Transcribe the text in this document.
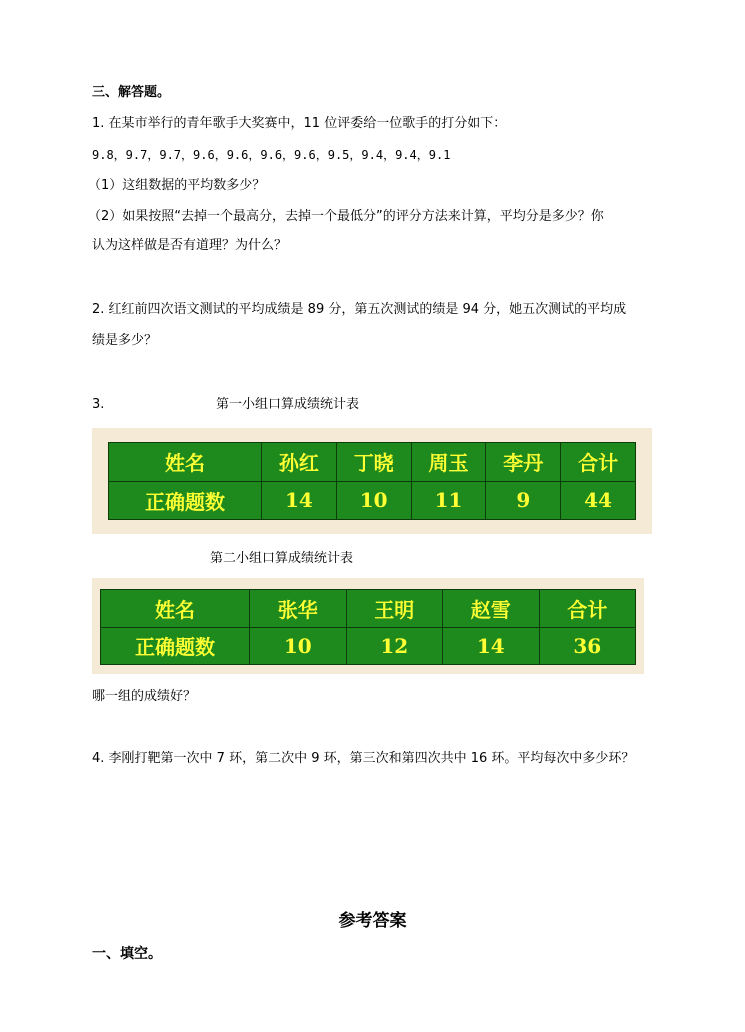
三、解答题。
1. 在某市举行的青年歌手大奖赛中，11 位评委给一位歌手的打分如下：
9.8，9.7，9.7，9.6，9.6，9.6，9.6，9.5，9.4，9.4，9.1
（1）这组数据的平均数多少？
（2）如果按照“去掉一个最高分，去掉一个最低分”的评分方法来计算，平均分是多少？你
认为这样做是否有道理？为什么？
2. 红红前四次语文测试的平均成绩是 89 分，第五次测试的绩是 94 分，她五次测试的平均成
绩是多少？
3.	第一小组口算成绩统计表
姓名	孙红	丁晓	周玉	李丹	合计
正确题数	14	10	11	9	44
第二小组口算成绩统计表
姓名	张华	王明	赵雪	合计
正确题数	10	12	14	36
哪一组的成绩好？
4. 李刚打靶第一次中 7 环，第二次中 9 环，第三次和第四次共中 16 环。平均每次中多少环？
参考答案
一、填空。
